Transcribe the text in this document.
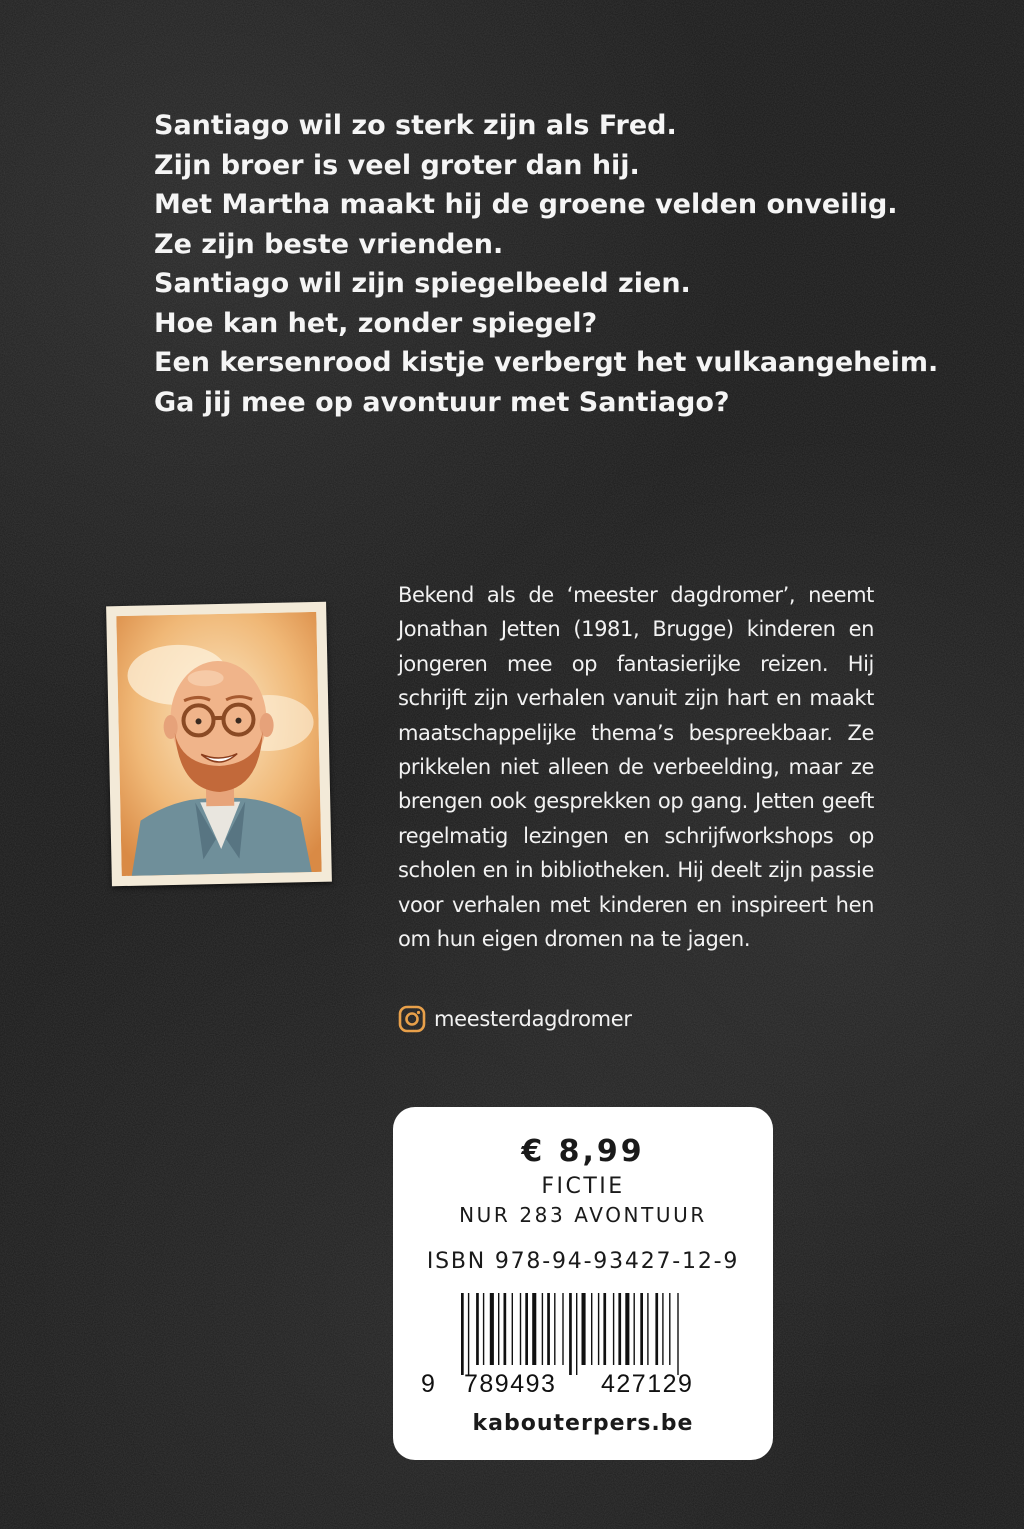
Santiago wil zo sterk zijn als Fred.
Zijn broer is veel groter dan hij.
Met Martha maakt hij de groene velden onveilig.
Ze zijn beste vrienden.
Santiago wil zijn spiegelbeeld zien.
Hoe kan het, zonder spiegel?
Een kersenrood kistje verbergt het vulkaangeheim.
Ga jij mee op avontuur met Santiago?
Bekend als de ‘meester dagdromer’, neemt Jonathan Jetten (1981, Brugge) kinderen en jongeren mee op fantasierijke reizen. Hij schrijft zijn verhalen vanuit zijn hart en maakt maatschappelijke thema’s bespreekbaar. Ze prikkelen niet alleen de verbeelding, maar ze brengen ook gesprekken op gang. Jetten geeft regelmatig lezingen en schrijfworkshops op scholen en in bibliotheken. Hij deelt zijn passie voor verhalen met kinderen en inspireert hen om hun eigen dromen na te jagen.
meesterdagdromer
€ 8,99
FICTIE
NUR 283 AVONTUUR
ISBN 978-94-93427-12-9
9 789493 427129
kabouterpers.be
